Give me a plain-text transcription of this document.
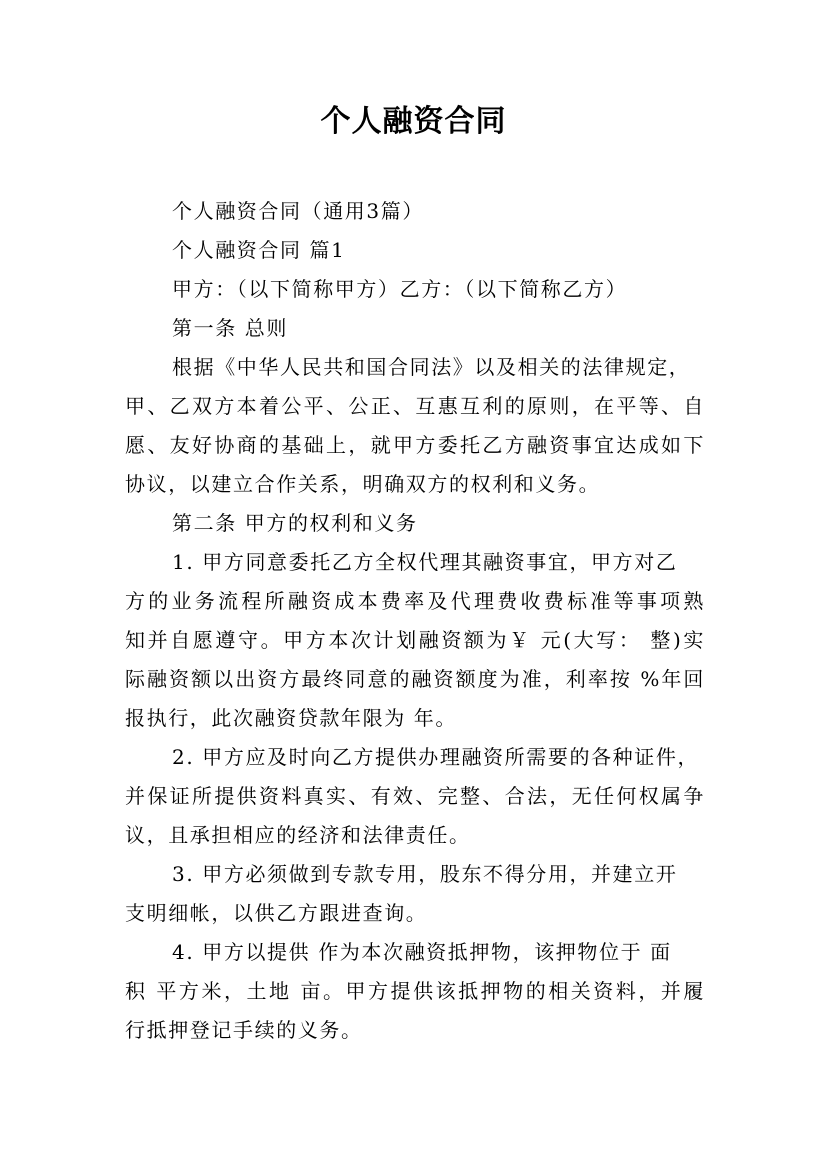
个人融资合同
个人融资合同（通用3篇）
个人融资合同 篇1
甲方：（以下简称甲方）乙方：（以下简称乙方）
第一条 总则
根据《中华人民共和国合同法》以及相关的法律规定，
甲、乙双方本着公平、公正、互惠互利的原则，在平等、自
愿、友好协商的基础上，就甲方委托乙方融资事宜达成如下
协议，以建立合作关系，明确双方的权利和义务。
第二条 甲方的权利和义务
1. 甲方同意委托乙方全权代理其融资事宜，甲方对乙
方的业务流程所融资成本费率及代理费收费标准等事项熟
知并自愿遵守。甲方本次计划融资额为￥ 元(大写： 整)实
际融资额以出资方最终同意的融资额度为准，利率按 %年回
报执行，此次融资贷款年限为 年。
2. 甲方应及时向乙方提供办理融资所需要的各种证件，
并保证所提供资料真实、有效、完整、合法，无任何权属争
议，且承担相应的经济和法律责任。
3. 甲方必须做到专款专用，股东不得分用，并建立开
支明细帐，以供乙方跟进查询。
4. 甲方以提供 作为本次融资抵押物，该押物位于 面
积 平方米，土地 亩。甲方提供该抵押物的相关资料，并履
行抵押登记手续的义务。
